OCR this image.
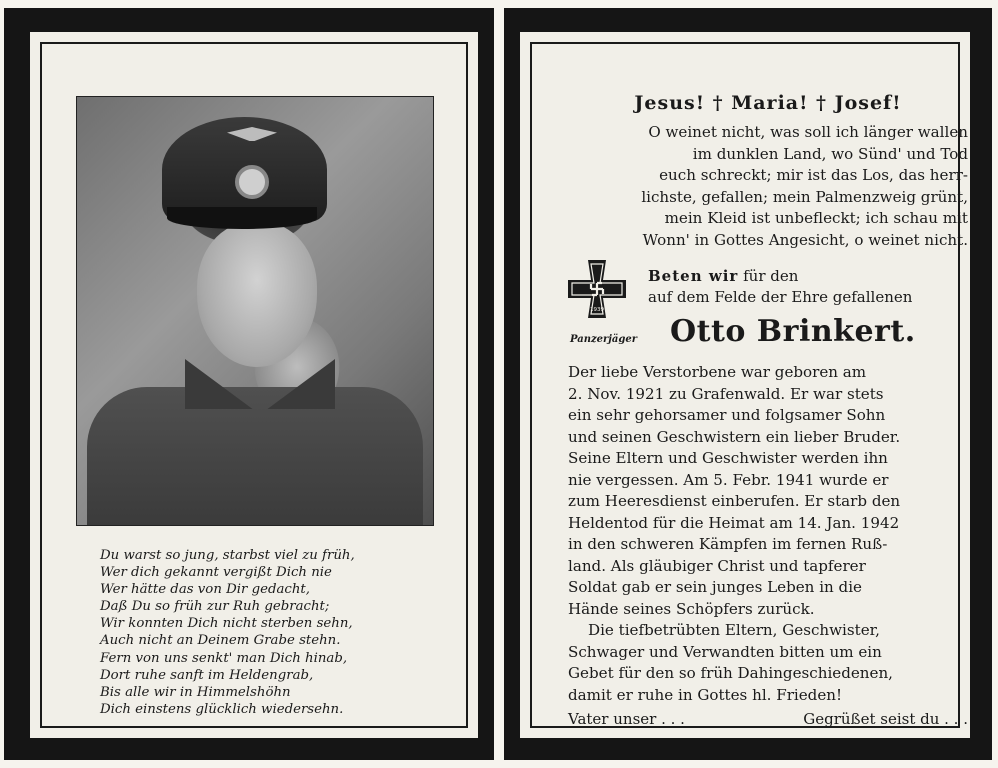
Du warst so jung, starbst viel zu früh,
Wer dich gekannt vergißt Dich nie
Wer hätte das von Dir gedacht,
Daß Du so früh zur Ruh gebracht;
Wir konnten Dich nicht sterben sehn,
Auch nicht an Deinem Grabe stehn.
Fern von uns senkt' man Dich hinab,
Dort ruhe sanft im Heldengrab,
Bis alle wir in Himmelshöhn
Dich einstens glücklich wiedersehn.
Jesus! † Maria! † Josef!
O weinet nicht, was soll ich länger wallen
im dunklen Land, wo Sünd' und Tod
euch schreckt; mir ist das Los, das herr-
lichste, gefallen; mein Palmenzweig grünt,
mein Kleid ist unbefleckt; ich schau mit
Wonn' in Gottes Angesicht, o weinet nicht.
1939
Beten wir für den
auf dem Felde der Ehre gefallenen
Panzerjäger Otto Brinkert.
Der liebe Verstorbene war geboren am
2. Nov. 1921 zu Grafenwald. Er war stets
ein sehr gehorsamer und folgsamer Sohn
und seinen Geschwistern ein lieber Bruder.
Seine Eltern und Geschwister werden ihn
nie vergessen. Am 5. Febr. 1941 wurde er
zum Heeresdienst einberufen. Er starb den
Heldentod für die Heimat am 14. Jan. 1942
in den schweren Kämpfen im fernen Ruß-
land. Als gläubiger Christ und tapferer
Soldat gab er sein junges Leben in die
Hände seines Schöpfers zurück.
Die tiefbetrübten Eltern, Geschwister,
Schwager und Verwandten bitten um ein
Gebet für den so früh Dahingeschiedenen,
damit er ruhe in Gottes hl. Frieden!
Vater unser . . .	Gegrüßet seist du . . .
